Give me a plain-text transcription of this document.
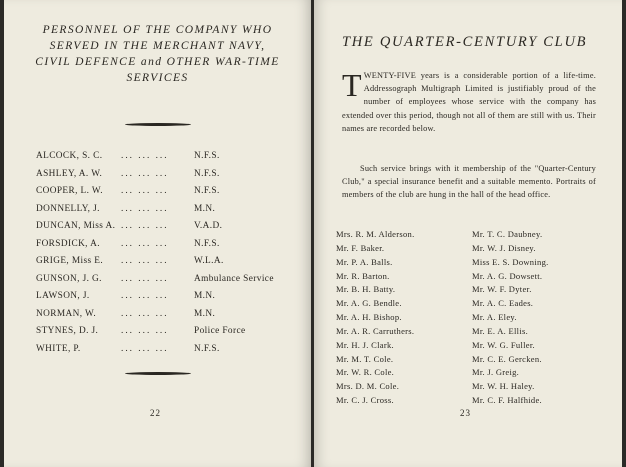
PERSONNEL OF THE COMPANY WHO
SERVED IN THE MERCHANT NAVY,
CIVIL DEFENCE and OTHER WAR-TIME
SERVICES
ALCOCK, S. C. ... ... ...	N.F.S.
ASHLEY, A. W. ... ... ...	N.F.S.
COOPER, L. W. ... ... ...	N.F.S.
DONNELLY, J. ... ... ...	M.N.
DUNCAN, Miss A. ... ... ...	V.A.D.
FORSDICK, A. ... ... ...	N.F.S.
GRIGE, Miss E. ... ... ...	W.L.A.
GUNSON, J. G. ... ... ...	Ambulance Service
LAWSON, J.	... ... ...	M.N.
NORMAN, W.	... ... ...	M.N.
STYNES, D. J. ... ... ...	Police Force
WHITE, P.	... ... ...	N.F.S.
22
THE QUARTER-CENTURY CLUB

TWENTY-FIVE years is a considerable portion of a life-time. Addressograph Multigraph Limited is justifiably proud of the number of employees whose service with the company has extended over this period, though not all of them are still with us. Their names are recorded below.

Such service brings with it membership of the "Quarter-Century Club," a special insurance benefit and a suitable memento. Portraits of members of the club are hung in the hall of the head office.

Mrs. R. M. Alderson.
Mr. F. Baker.
Mr. P. A. Balls.
Mr. R. Barton.
Mr. B. H. Batty.
Mr. A. G. Bendle.
Mr. A. H. Bishop.
Mr. A. R. Carruthers.
Mr. H. J. Clark.
Mr. M. T. Cole.
Mr. W. R. Cole.
Mrs. D. M. Cole.
Mr. C. J. Cross.
Mr. T. C. Daubney.
Mr. W. J. Disney.
Miss E. S. Downing.
Mr. A. G. Dowsett.
Mr. W. F. Dyter.
Mr. A. C. Eades.
Mr. A. Eley.
Mr. E. A. Ellis.
Mr. W. G. Fuller.
Mr. C. E. Gercken.
Mr. J. Greig.
Mr. W. H. Haley.
Mr. C. F. Halfhide.
23
